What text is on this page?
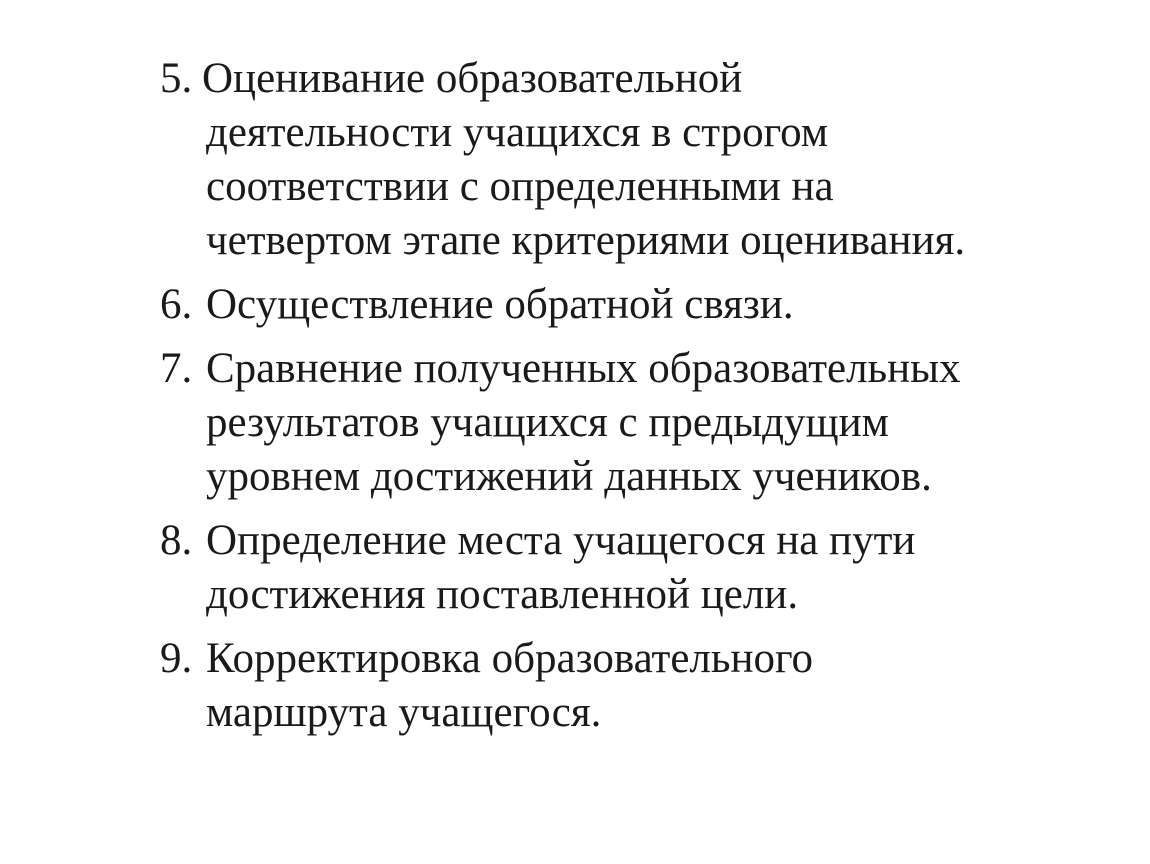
5. Оценивание образовательной
деятельности учащихся в строгом
соответствии с определенными на
четвертом этапе критериями оценивания.
6. Осуществление обратной связи.
7. Сравнение полученных образовательных
результатов учащихся с предыдущим
уровнем достижений данных учеников.
8. Определение места учащегося на пути
достижения поставленной цели.
9. Корректировка образовательного
маршрута учащегося.
